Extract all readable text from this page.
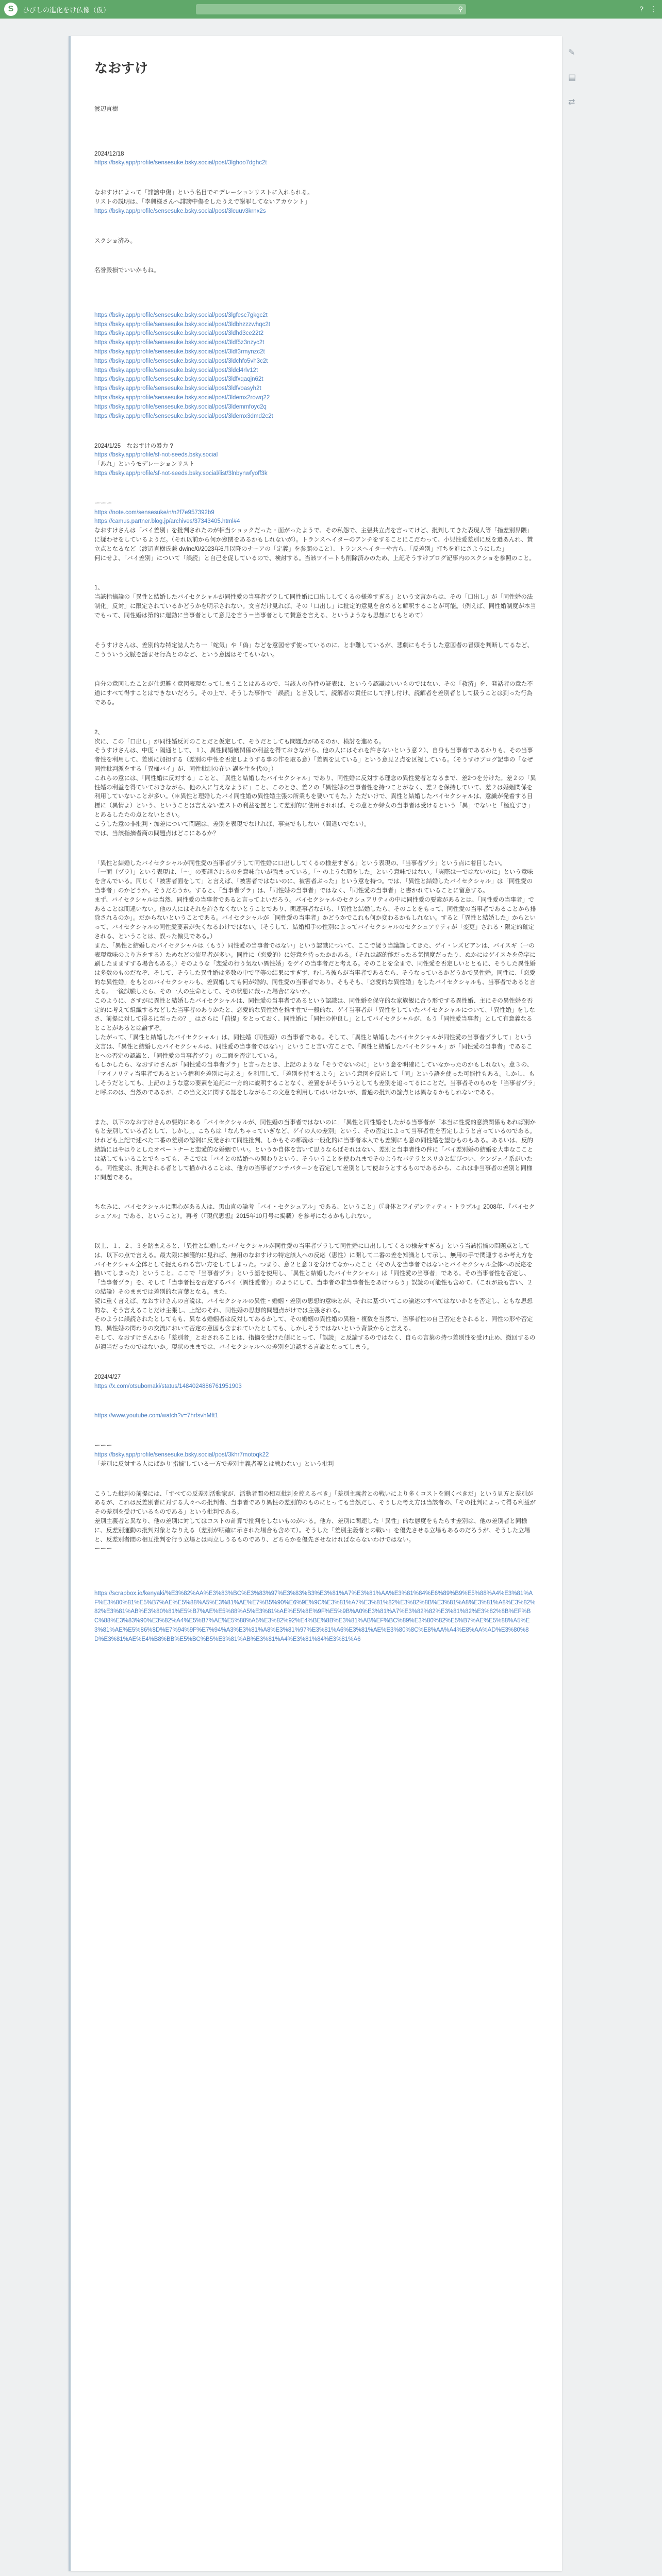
S ひびしの進化をけ仏像（仮）	⚲	? ⋮
なおすけ

渡辺直樹

2024/12/18

https://bsky.app/profile/sensesuke.bsky.social/post/3lghoo7dghc2t

なおすけによって「誹謗中傷」という名目でモデレーションリストに入れられる。

リストの説明は、「李興様さんへ誹謗中傷をしたうえで謝罪してないアカウント」

https://bsky.app/profile/sensesuke.bsky.social/post/3lcuuv3krnx2s

スクショ済み。

名誉毀損でいいかもね。

https://bsky.app/profile/sensesuke.bsky.social/post/3lgfesc7gkgc2t

https://bsky.app/profile/sensesuke.bsky.social/post/3ldbhzzzwhqc2t

https://bsky.app/profile/sensesuke.bsky.social/post/3ldhd3ce22t2

https://bsky.app/profile/sensesuke.bsky.social/post/3ldf5z3nzyc2t

https://bsky.app/profile/sensesuke.bsky.social/post/3ldf3rmynzc2t

https://bsky.app/profile/sensesuke.bsky.social/post/3ldchfo5vh3c2t

https://bsky.app/profile/sensesuke.bsky.social/post/3ldcl4rlv12t

https://bsky.app/profile/sensesuke.bsky.social/post/3ldfxqaqjn62t

https://bsky.app/profile/sensesuke.bsky.social/post/3ldfvoasyh2t

https://bsky.app/profile/sensesuke.bsky.social/post/3ldemx2rowq22

https://bsky.app/profile/sensesuke.bsky.social/post/3ldemmfoyc2q

https://bsky.app/profile/sensesuke.bsky.social/post/3ldemx3dmd2c2t

2024/1/25　なおすけの暴力 ?

https://bsky.app/profile/sf-not-seeds.bsky.social

「あれ」というモデレーションリスト

https://bsky.app/profile/sf-not-seeds.bsky.social/list/3lnbynwfyoff3k

ーーー

https://note.com/sensesuke/n/n2f7e957392b9

https://camus.partner.blog.jp/archives/37343405.html#4

なおすけさんは「バイ差別」を批判されたのが相当ショックだった・面がったようで、その私怨で、主張共立点を言ってけど、批判してきた表現人等「指差別界隈」に疑わせをしているようだ。（それ以前から何か窓閉をあるかもしれないが）。トランスヘイターのアンチをすることにこだわって、小児性愛差別に反を過あんれ、賛立点となるなど（渡辺直樹氏兼 dwine/0/2023年6月以降のナーアの「定義」を参照のこと）、トランスヘイターや古ら、「反差別」打ちを進にさようにした」

何にせよ、「バイ差別」について「誤読」と自己を促しているので、検討する。当該ツイートも削除済みのため、上記そうすけブログ記事内のスクショを参照のこと。

1、

当該指摘論の「異性と結婚したバイセクシャルが同性愛の当事者ヅラして同性婚に口出ししてくるの様差すぎる」という文言からは、その「口出し」が「同性婚の法制化」反対」に限定されているかどうかを明示されない。文言だけ見れば、その「口出し」に批定的意見を含めると解釈することが可能。（例えば、同性婚制度が本当でもって、同性婚は第的に運動に当事者として意見を言う＝当事者として賛意を言える、というようなも思想にじもとめて）

そうすけさんは、差別的な特定誌人たち一「蛇気」や「偽」などを意図せず使っているのに、と非難しているが、悲劇にもそうした意図者の冒頭を判断してるなど、こうういう文脈を話ませ行為とのなど、という意図はそてもいない。

自分の意図したことが仕想難く意図表現なってしまうことはあるので、当該人の作性の証表は、というう認識はいいものではない、その「救済」を、発話者の意た不道にすべて得すことはできないだろう。その上で、そうした事作で「誤読」と言及して、読解者の責任にして押し付け、読解者を差別者として扱うことは到った行為である。

2、

次に、この「口出し」が同性婚反対のことだと仮定して、そうだとしても問題点があるのか、検討を進める。

そうすけさんは、中度・隔通として、１）、異性間婚姻関係の利益を得ておきながら、他の人にはそれを許さないという意２）、自身も当事者であるかりも、その当事者性を利用して、差別に加担する（差別の中性を否定しようする事の作を取る意）「差異を見ている」という意見２点を区視している。（そうすけブログ記事の「なぜ同性批判派をする「異様バイ」が、同性批制の在い 誤を生を代の」）

これらの意には、「同性婚に反対する」ことと、「異性と結婚したバイセクシャル」であり、同性婚に反対する理念の異性愛者となるまで、差2つを分けた。差２の「異性婚の利益を得ていておきながら、他の人に与えなように」こと、このとき、差２の「異性婚の当事者性を持つことがなく、差２を保持していて、差２は婚姻関係を利用していないことが多い。（＊異性と理婚したバイ同性婚の異性婚主張の所業もを要いてもた、）ただいけで、異性と結婚したバイセクシャルは、意識が発着する目標に（異情よ）という、ということは言えない差ストの利益を置として差別的に使用されれば、その意とか婦女の当事者は受けるという「異」でないと「極度すき」とあるしたたの点とないとさい。

こうした意の非批判・加差について問題は、差別を表現でなければ、事実でもしない（間違いでない）。

では、当該指摘者商の問題点はどこにあるか？

「異性と結婚したバイセクシャルが同性愛の当事者ヅラして同性婚に口出ししてくるの様差すぎる」という表現の、「当事者ヅラ」という点に着目したい。

「一面（ヅラ）」という表現は、「～」の要請されるのを意味合いが強まっている。「～のような顔をした」という意味ではない。「実際は一ではないのに」という意味を含んでいる。同じく「被害者面をして」と言えば、「被害者ではないのに、被害者ぶった」という意を持つ。では、「異性と結婚したバイセクシャル」は「同性愛の当事者」のかどうか。そうだろうか。すると、「当事者ヅラ」は、「同性婚の当事者」ではなく、「同性愛の当事者」と書かれていることに留意する。

まず、バイセクシャルは当然、同性愛の当事者であると言ってよいだろう。バイセクシャルのセクシュアリティの中に同性愛の要素があるとは、「同性愛の当事者」であることは間違いない。他の人にはそれを許さなくないとうことであり、関連事者ながら、「異性と結婚したら、そのことをもって、同性愛の当事者であることから排除されるのか」。だからないということである。バイセクシャルが「同性愛の当事者」かどうかでこれも何か変わるかもしれない。すると「異性と結婚した」からといって、バイセクシャルの同性愛要素が失くなるわけではない。（そうして、結婚相手の性別によってバイセクシャルのセクシュアリティが「変更」される・限定的確定される、ということは、誤った偏見である。）

また、「異性と結婚したバイセクシャルは（もう）同性愛の当事者ではない」という認識について、ここで疑う当議論してきた、ゲイ・レズビアンは、バイスギ（一の表現意味のより方をする）ためなどの流星者が多い。同性に（恋愛的）に好意を持ったかかある。（それは認的能だったる気情度だったり、ぬかにはゲイスキを偽字に刷したまますする場合もある。）そのような「恋愛の行う気ない異性婚」をゲイの当事者だと考える。そのことを全まで、同性愛を否定しいとともに、そうした異性婚は多数のものだなぞ、そして、そうした異性婚は多数の中で平等の結果にすぎず、むしろ彼らが当事者であるなら、そうなっているかどうかで異性婚。同性に、「恋愛的な異性婚」をもとのバイセクシャルも、差異婚しても何が婚約、同性愛の当事者であり、そもそも、「恋愛的な異性婚」をしたバイセクシャルも、当事者であると言える。一後試験したら、その一人の生命として、その状態に裁った場合にないか。

このように、さすがに異性と結婚したバイセクシャルは、同性愛の当事者であるという認識は、同性婚を保守的な家族観に合う形でする異性婚、主にその異性婚を否定的に考えて組織するなどした当事者のありかたと、恋愛的な異性婚を推す性で一般的な、ゲイ当事者が「異性をしていたバイセクシャルについて、「異性婚」をしなさ、前提に対して得るに至ったの？」はさらに「前提」をとっておく、同性婚に「同性の仲良し」としてバイセクシャルが、もう「同性愛当事者」として有意義なるとことがあるとは論ずぞ。

したがって、「異性と結婚したバイセクシャル」は、同性婚（同性婚）の当事者である。そして、「異性と結婚したバイセクシャルが同性愛の当事者ヅラして」という文言は、「異性と結婚したバイセクシャルは、同性愛の当事者ではない」ということ言い方ことで、「異性と結婚したバイセクシャル」が「同性愛の当事者」であることへの否定の認識と、「同性愛の当事者ヅラ」の二面を否定している。

もしかしたら、なおすけさんが「同性愛の当事者ヅラ」と言ったとき、上記のような「そうでないのに」という意を明確にしていなかったのかもしれない。意３の、「マイノリティ当事者であるという権利を差別に与える」を利用して、「差別を持するよう」という意図を反応して「同」という語を使った可能性もある。しかし、もしそうだとしても、上記のような意の要素を追記に一方的に説明することなく、差置をがそういうとしても差別を追ってるにことだ。当事者そのものを「当事者ヅラ」と呼ぶのは、当然のであるが、この当文文に関する認をしながらこの文意を利用してはいけないが、普通の批判の論点とは異なるかもしれないである。

また、以下のなおすけさんの要約にある「バイセクシャルが、同性婚の当事者ではないのに」「異性と同性婚をしたがる当事者が「本当に性愛的意識関係もあれば別かもと差別している者として、しかし」、こちらは「なんちゃっていぎなど、ゲイの人の差別」という、その否定によって当事者性を否定しようと言っているのである。

けれども上記で述べた二番の差別の認例に反発されて同性批判、しかもその都義は一般化的に当事者本人でも差別にも意の同性婚を望むものもある。あるいは、反的結論にはやはりとしたオペートナーと恋愛的な婚姻でいい。というか自体を言いて思うならばそれはない、差別と当事者性の件に「バイ差別婚の結婚を大事なこことは話してもいることでもっても、そこでは「バイとの結婚への関わりという、そういうことを使われまでそのようなパテラとスリカと結びつい、ケンジェイ系がいたる。同性愛は、批判される者として描かれることは、他方の当事者アンチパターンを否定して差別として使おうとするものであるから、これは非当事者の差別と同様に問題である。

ちなみに、バイセクシャルに関心がある人は、黒山直の論考「バイ・セクシュアル」である、ということ」（『身体とアイデンティティ・トラブル』2008年、『バイセクシュアル』である、ということ）。再考（『現代思想』2015年10月号に掲載）を参考になるかもしれない。

以上、１、２、３を踏まえると、「異性と結婚したバイセクシャルが同性愛の当事者ヅラして同性婚に口出ししてくるの様差すぎる」という当該指摘の問題点としては、以下の点で言える。最大限に擁護的に見れば、無用のなおすけの特定該人への反応（恵性）に開して二番の差を知識として示し、無用の手で関連するか考え方をバイセクシャル全体として捉えられる言い方をしてしまった。つまり、意２と意３を分けてなかったこと（その人を当事者ではないとバイセクシャル全体への反応を描いてしまった）ということ。ここで「当事者ヅラ」という語を使用し、「異性と結婚したバイセクシャル」は「同性愛の当事者」である。その当事者性を否定し、「当事者ヅラ」を、そして「当事者性を否定するバイ（異性愛者）」のようにして、当事者の非当事者性をあげつらう」誤読の可能性も含めて、（これが最も言い、２の結論）そのままでは差別的な言葉となる。また、

読に重く言えば、なおすけさんの言説は、バイセクシャルの異性・婚姻・差別の思想的意味とが、それに基づいてこの論述のすべてはないかとを否定し、ともな思想的な、そう言えることだけ主張し、上記のそれ、同性婚の思想的問題点がけでは主張される。

そのように誤読されたとしてもも、異なる婚姻者は反対してあるかして、その婚姻の異性婚の異種・複数を当然で、当事者性の自己否定をされると、同性の形や否定的、異性婚の関わりの交流において否定の意図も含まれていたとしても、しかしそうではないという背景からと言える。

そして、なおすけさんから「差別者」とおされることは、指摘を受けた側にとって、「誤読」と反論するのではなく、自らの言葉の持つ差別性を受け止め、撤回するのが適当だったのではないか。現状のままでは、バイセクシャルへの差別を追認する言説となってしまう。

2024/4/27

https://x.com/otsubomaki/status/1484024886761951903

https://www.youtube.com/watch?v=7hrfsvhMft1

ーーー

https://bsky.app/profile/sensesuke.bsky.social/post/3khr7motoqk22

「差別に反対する人にばかり'指摘'している一方で差別主義者等とは戦わない」という批判

こうした批判の前提には、「すべての反差別活動家が、活動者間の相互批判を控えるべき」「差別主義者との戦いにより多くコストを割くべきだ」という見方と差別があるが、これは反差別者に対する人々への批判者、当事者であり異性の差別的のものにとっても当然だし、そうした考え方は当該者の、「その批判によって得る利益がその差別を受けているものである」という批判である。

差別主義者と異なり、他の差別に対してはコストの計算で批判をしないものがいる。他方、差別に関連した「異性」的な態度をもたらす差別は、他の差別者と同様に、反差別運動の批判対象となりえる（差別が明確に示された場合も含めて）。そうした「差別主義者との戦い」を優先させる立場もあるのだろうが、そうした立場と、反差別者間の相互批判を行う立場とは両立しうるものであり、どちらかを優先させなければならないわけではない。

ーーー

https://scrapbox.io/kenyaki/%E3%82%AA%E3%83%BC%E3%83%97%E3%83%B3%E3%81%A7%E3%81%AA%E3%81%84%E6%89%B9%E5%88%A4%E3%81%AF%E3%80%81%E5%B7%AE%E5%88%A5%E3%81%AE%E7%B5%90%E6%9E%9C%E3%81%A7%E3%81%82%E3%82%8B%E3%81%A8%E3%81%A8%E3%82%82%E3%81%AB%E3%80%81%E5%B7%AE%E5%88%A5%E3%81%AE%E5%8E%9F%E5%9B%A0%E3%81%A7%E3%82%82%E3%81%82%E3%82%8B%EF%BC%88%E3%83%90%E3%82%A4%E5%B7%AE%E5%88%A5%E3%82%92%E4%BE%8B%E3%81%AB%EF%BC%89%E3%80%82%E5%B7%AE%E5%88%A5%E3%81%AE%E5%86%8D%E7%94%9F%E7%94%A3%E3%81%A8%E3%81%97%E3%81%A6%E3%81%AE%E3%80%8C%E8%AA%A4%E8%AA%AD%E3%80%8D%E3%81%AE%E4%B8%BB%E5%BC%B5%E3%81%AB%E3%81%A4%E3%81%84%E3%81%A6

✎
▤
⇄
